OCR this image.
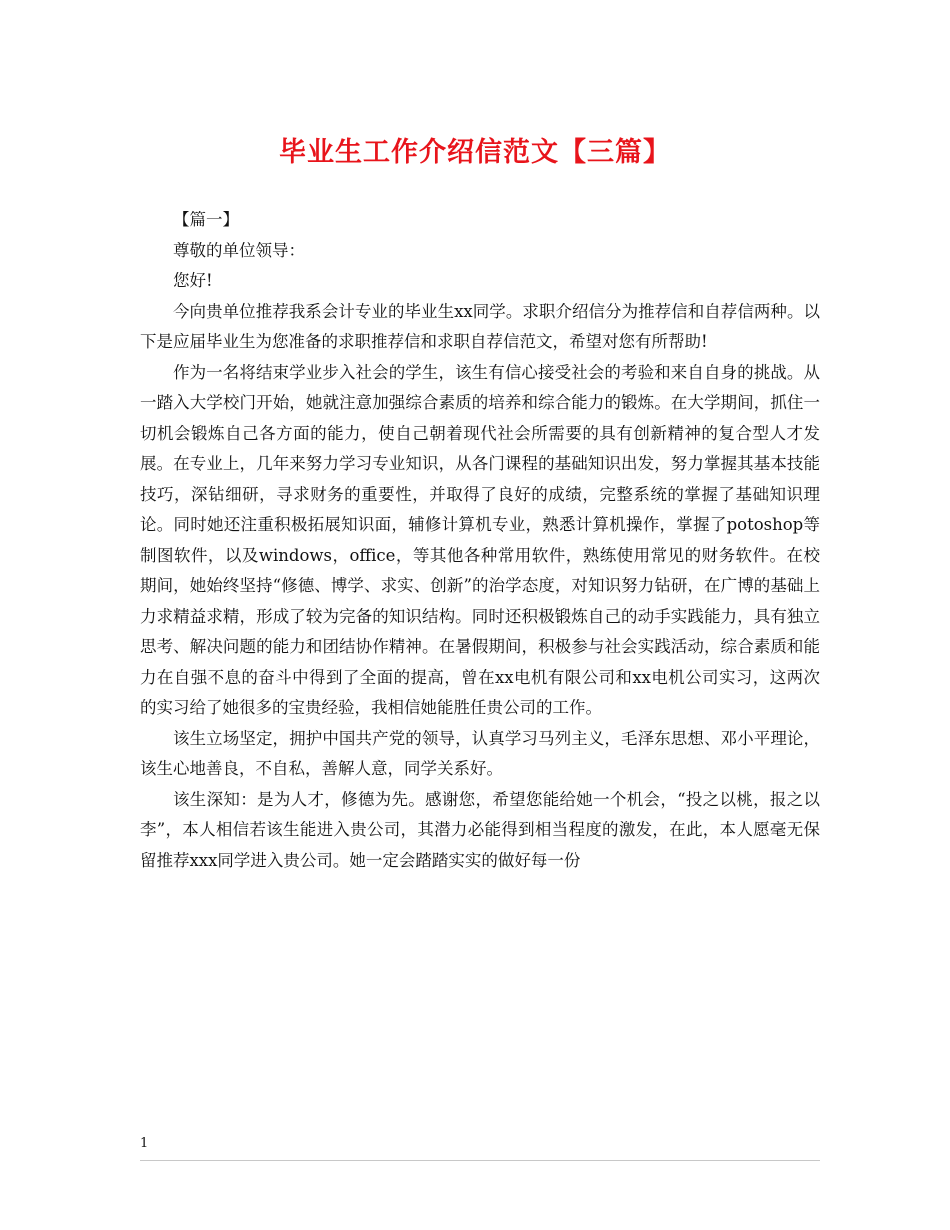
毕业生工作介绍信范文【三篇】

【篇一】

尊敬的单位领导：

您好!

今向贵单位推荐我系会计专业的毕业生xx同学。求职介绍信分为推荐信和自荐信两种。以下是应届毕业生为您准备的求职推荐信和求职自荐信范文，希望对您有所帮助!

作为一名将结束学业步入社会的学生，该生有信心接受社会的考验和来自自身的挑战。从一踏入大学校门开始，她就注意加强综合素质的培养和综合能力的锻炼。在大学期间，抓住一切机会锻炼自己各方面的能力，使自己朝着现代社会所需要的具有创新精神的复合型人才发展。在专业上，几年来努力学习专业知识，从各门课程的基础知识出发，努力掌握其基本技能技巧，深钻细研，寻求财务的重要性，并取得了良好的成绩，完整系统的掌握了基础知识理论。同时她还注重积极拓展知识面，辅修计算机专业，熟悉计算机操作，掌握了potoshop等制图软件，以及windows，office，等其他各种常用软件，熟练使用常见的财务软件。在校期间，她始终坚持“修德、博学、求实、创新”的治学态度，对知识努力钻研，在广博的基础上力求精益求精，形成了较为完备的知识结构。同时还积极锻炼自己的动手实践能力，具有独立思考、解决问题的能力和团结协作精神。在暑假期间，积极参与社会实践活动，综合素质和能力在自强不息的奋斗中得到了全面的提高，曾在xx电机有限公司和xx电机公司实习，这两次的实习给了她很多的宝贵经验，我相信她能胜任贵公司的工作。

该生立场坚定，拥护中国共产党的领导，认真学习马列主义，毛泽东思想、邓小平理论，该生心地善良，不自私，善解人意，同学关系好。

该生深知：是为人才，修德为先。感谢您，希望您能给她一个机会，“投之以桃，报之以李”，本人相信若该生能进入贵公司，其潜力必能得到相当程度的激发，在此，本人愿毫无保留推荐xxx同学进入贵公司。她一定会踏踏实实的做好每一份

1
